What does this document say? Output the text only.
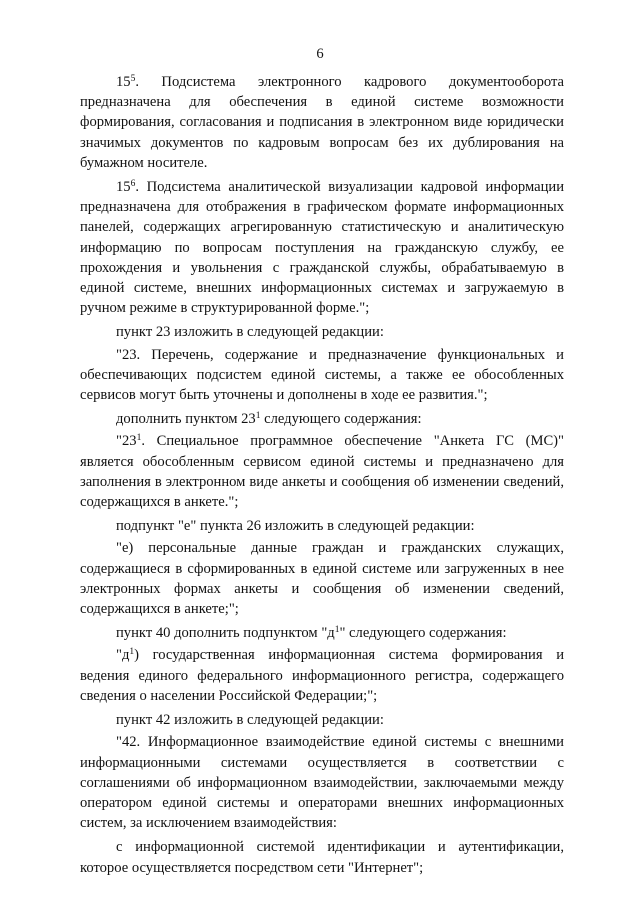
6

$15^5$. Подсистема электронного кадрового документооборота предназначена для обеспечения в единой системе возможности формирования, согласования и подписания в электронном виде юридически значимых документов по кадровым вопросам без их дублирования на бумажном носителе.

$15^6$. Подсистема аналитической визуализации кадровой информации предназначена для отображения в графическом формате информационных панелей, содержащих агрегированную статистическую и аналитическую информацию по вопросам поступления на гражданскую службу, ее прохождения и увольнения с гражданской службы, обрабатываемую в единой системе, внешних информационных системах и загружаемую в ручном режиме в структурированной форме.";

пункт 23 изложить в следующей редакции:

"23. Перечень, содержание и предназначение функциональных и обеспечивающих подсистем единой системы, а также ее обособленных сервисов могут быть уточнены и дополнены в ходе ее развития.";

дополнить пунктом $23^1$ следующего содержания:

"$23^1$. Специальное программное обеспечение "Анкета ГС (МС)" является обособленным сервисом единой системы и предназначено для заполнения в электронном виде анкеты и сообщения об изменении сведений, содержащихся в анкете.";

подпункт "е" пункта 26 изложить в следующей редакции:

"е) персональные данные граждан и гражданских служащих, содержащиеся в сформированных в единой системе или загруженных в нее электронных формах анкеты и сообщения об изменении сведений, содержащихся в анкете;";

пункт 40 дополнить подпунктом "$д^1$" следующего содержания:

"$д^1$) государственная информационная система формирования и ведения единого федерального информационного регистра, содержащего сведения о населении Российской Федерации;";

пункт 42 изложить в следующей редакции:

"42. Информационное взаимодействие единой системы с внешними информационными системами осуществляется в соответствии с соглашениями об информационном взаимодействии, заключаемыми между оператором единой системы и операторами внешних информационных систем, за исключением взаимодействия:

с информационной системой идентификации и аутентификации, которое осуществляется посредством сети "Интернет";
